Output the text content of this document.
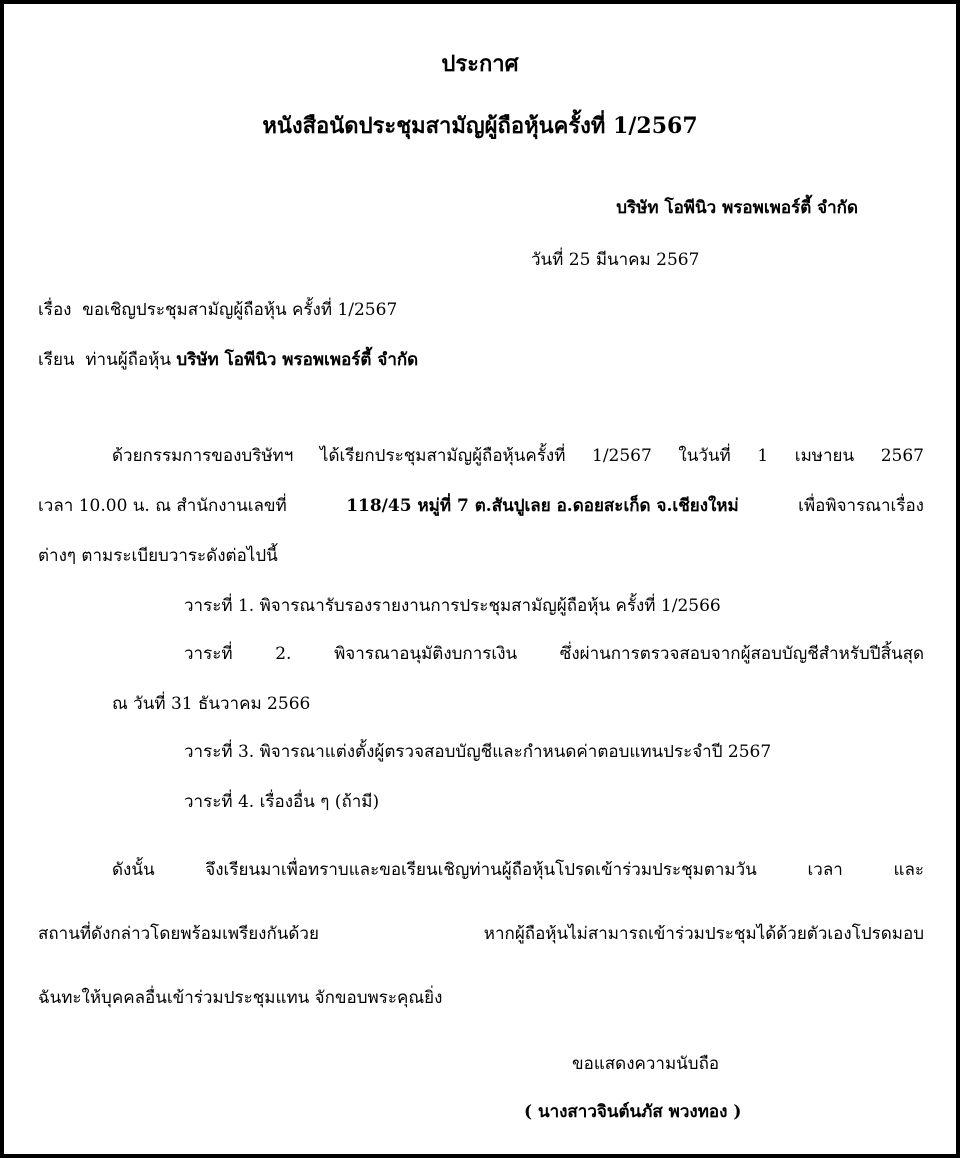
ประกาศ
หนังสือนัดประชุมสามัญผู้ถือหุ้นครั้งที่ 1/2567
บริษัท โอพีนิว พรอพเพอร์ตี้ จำกัด
วันที่ 25 มีนาคม 2567
เรื่อง ขอเชิญประชุมสามัญผู้ถือหุ้น ครั้งที่ 1/2567
เรียน ท่านผู้ถือหุ้น บริษัท โอพีนิว พรอพเพอร์ตี้ จำกัด
ด้วยกรรมการของบริษัทฯ ได้เรียกประชุมสามัญผู้ถือหุ้นครั้งที่ 1/2567 ในวันที่ 1 เมษายน 2567
เวลา 10.00 น. ณ สำนักงานเลขที่	118/45 หมู่ที่ 7 ต.สันปูเลย อ.ดอยสะเก็ด จ.เชียงใหม่	เพื่อพิจารณาเรื่อง
ต่างๆ ตามระเบียบวาระดังต่อไปนี้
วาระที่ 1. พิจารณารับรองรายงานการประชุมสามัญผู้ถือหุ้น ครั้งที่ 1/2566
วาระที่ 2. พิจารณาอนุมัติงบการเงิน ซึ่งผ่านการตรวจสอบจากผู้สอบบัญชีสำหรับปีสิ้นสุด
ณ วันที่ 31 ธันวาคม 2566
วาระที่ 3. พิจารณาแต่งตั้งผู้ตรวจสอบบัญชีและกำหนดค่าตอบแทนประจำปี 2567
วาระที่ 4. เรื่องอื่น ๆ (ถ้ามี)
ดังนั้น จึงเรียนมาเพื่อทราบและขอเรียนเชิญท่านผู้ถือหุ้นโปรดเข้าร่วมประชุมตามวัน เวลา และ
สถานที่ดังกล่าวโดยพร้อมเพรียงกันด้วย หากผู้ถือหุ้นไม่สามารถเข้าร่วมประชุมได้ด้วยตัวเองโปรดมอบ
ฉันทะให้บุคคลอื่นเข้าร่วมประชุมแทน จักขอบพระคุณยิ่ง
ขอแสดงความนับถือ
( นางสาวจินต์นภัส พวงทอง )
